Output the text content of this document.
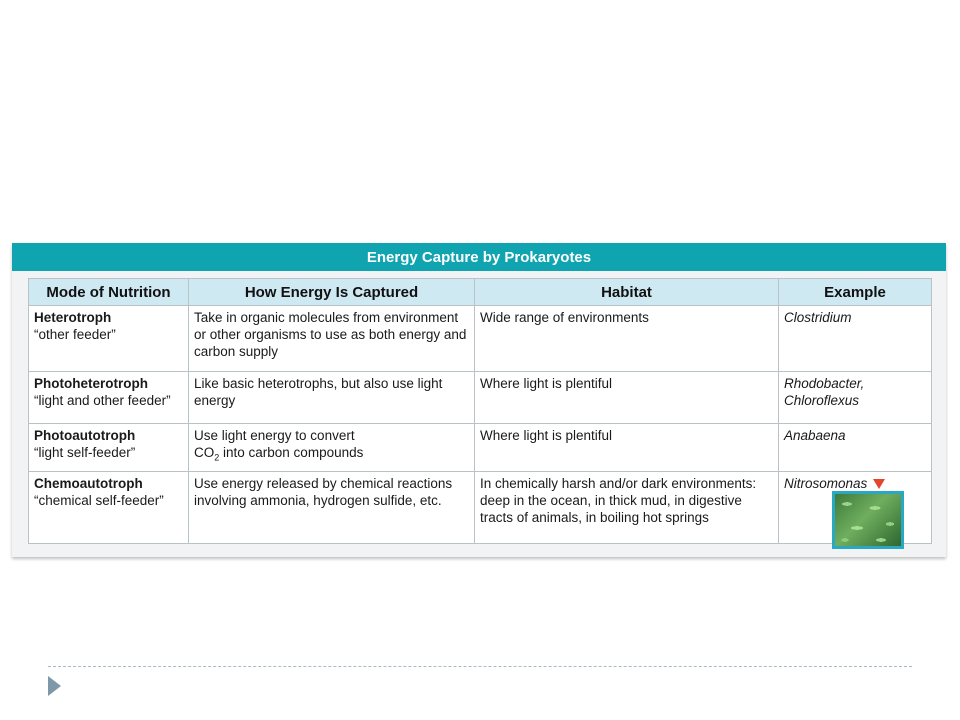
Energy Capture by Prokaryotes
Mode of Nutrition	How Energy Is Captured	Habitat	Example

Heterotroph
“other feeder”	Take in organic molecules from environment or other organisms to use as both energy and carbon supply	Wide range of environments	Clostridium

Photoheterotroph
“light and other feeder”	Like basic heterotrophs, but also use light energy	Where light is plentiful	Rhodobacter, Chloroflexus

Photoautotroph
“light self-feeder”	Use light energy to convert
$CO_2$ into carbon compounds	Where light is plentiful	Anabaena

Chemoautotroph
“chemical self-feeder”	Use energy released by chemical reactions involving ammonia, hydrogen sulfide, etc.	In chemically harsh and/or dark environments: deep in the ocean, in thick mud, in digestive tracts of animals, in boiling hot springs	Nitrosomonas
